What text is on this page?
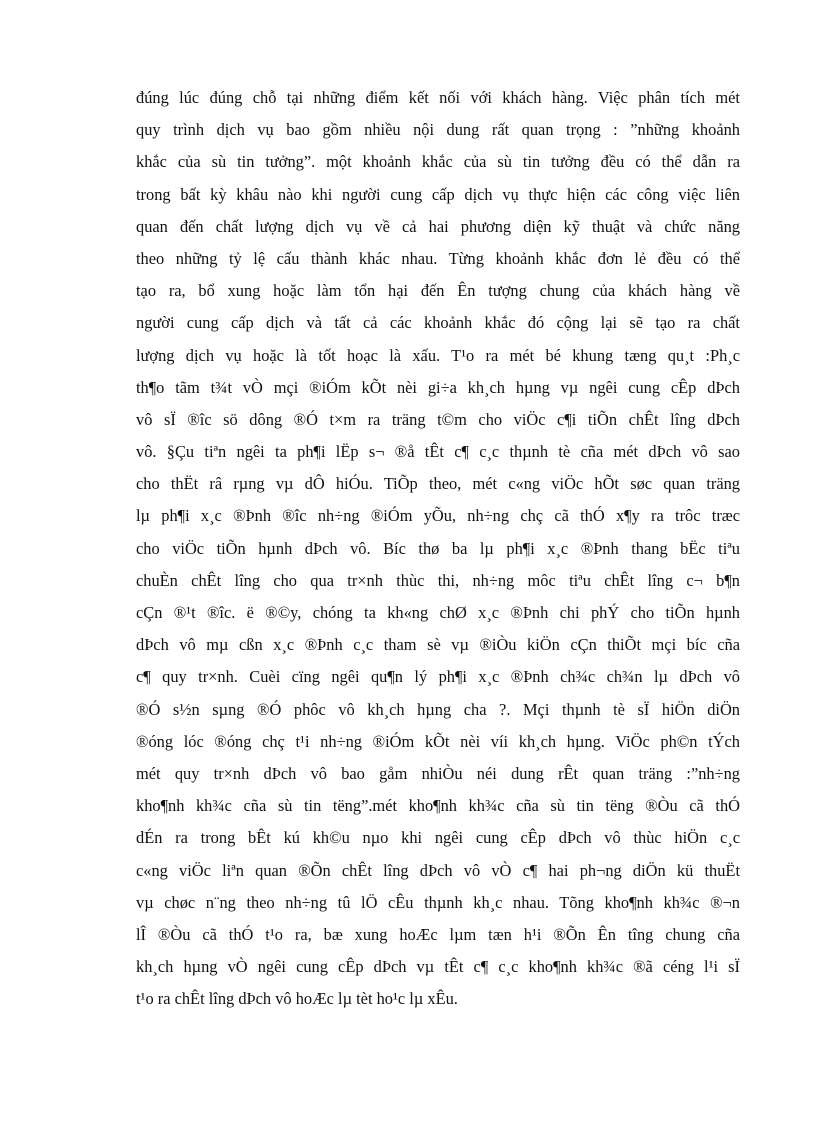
đúng lúc đúng chỗ tại những điểm kết nối với khách hàng. Việc phân tích mét
quy trình dịch vụ bao gồm nhiều nội dung rất quan trọng : ”những khoảnh
khắc của sù tin tưởng”. một khoảnh khắc của sù tin tưởng đều có thể dẫn ra
trong bất kỳ khâu nào khi người cung cấp dịch vụ thực hiện các công việc liên
quan đến chất lượng dịch vụ về cả hai phương diện kỹ thuật và chức năng
theo những tỷ lệ cấu thành khác nhau. Từng khoảnh khắc đơn lẻ đều có thể
tạo ra, bổ xung hoặc làm tổn hại đến Ên tượng chung của khách hàng về
người cung cấp dịch và tất cả các khoảnh khắc đó cộng lại sẽ tạo ra chất
lượng dịch vụ hoặc là tốt hoạc là xấu. T¹o ra mét bé khung tæng qu¸t :Ph¸c
th¶o tãm t¾t vÒ mçi ®iÓm kÕt nèi gi÷a kh¸ch hµng vµ ngêi cung cÊp dÞch
vô sÏ ®îc sö dông ®Ó t×m ra träng t©m cho viÖc c¶i tiÕn chÊt lîng dÞch
vô. §Çu tiªn ngêi ta ph¶i lËp s¬ ®å tÊt c¶ c¸c thµnh tè cña mét dÞch vô sao
cho thËt râ rµng vµ dÔ hiÓu. TiÕp theo, mét c«ng viÖc hÕt søc quan träng
lµ ph¶i x¸c ®Þnh ®îc nh÷ng ®iÓm yÕu, nh÷ng chç cã thÓ x¶y ra trôc træc
cho viÖc tiÕn hµnh dÞch vô. Bíc thø ba lµ ph¶i x¸c ®Þnh thang bËc tiªu
chuÈn chÊt lîng cho qua tr×nh thùc thi, nh÷ng môc tiªu chÊt lîng c¬ b¶n
cÇn ®¹t ®îc. ë ®©y, chóng ta kh«ng chØ x¸c ®Þnh chi phÝ cho tiÕn hµnh
dÞch vô mµ cßn x¸c ®Þnh c¸c tham sè vµ ®iÒu kiÖn cÇn thiÕt mçi bíc cña
c¶ quy tr×nh. Cuèi cïng ngêi qu¶n lý ph¶i x¸c ®Þnh ch¾c ch¾n lµ dÞch vô
®Ó s½n sµng ®Ó phôc vô kh¸ch hµng cha ?. Mçi thµnh tè sÏ hiÖn diÖn
®óng lóc ®óng chç t¹i nh÷ng ®iÓm kÕt nèi víi kh¸ch hµng. ViÖc ph©n tÝch
mét quy tr×nh dÞch vô bao gåm nhiÒu néi dung rÊt quan träng :”nh÷ng
kho¶nh kh¾c cña sù tin tëng”.mét kho¶nh kh¾c cña sù tin tëng ®Òu cã thÓ
dÉn ra trong bÊt kú kh©u nµo khi ngêi cung cÊp dÞch vô thùc hiÖn c¸c
c«ng viÖc liªn quan ®Õn chÊt lîng dÞch vô vÒ c¶ hai ph¬ng diÖn kü thuËt
vµ chøc n¨ng theo nh÷ng tû lÖ cÊu thµnh kh¸c nhau. Tõng kho¶nh kh¾c ®¬n
lÎ ®Òu cã thÓ t¹o ra, bæ xung hoÆc lµm tæn h¹i ®Õn Ên tîng chung cña
kh¸ch hµng vÒ ngêi cung cÊp dÞch vµ tÊt c¶ c¸c kho¶nh kh¾c ®ã céng l¹i sÏ
t¹o ra chÊt lîng dÞch vô hoÆc lµ tèt ho¹c lµ xÊu.
